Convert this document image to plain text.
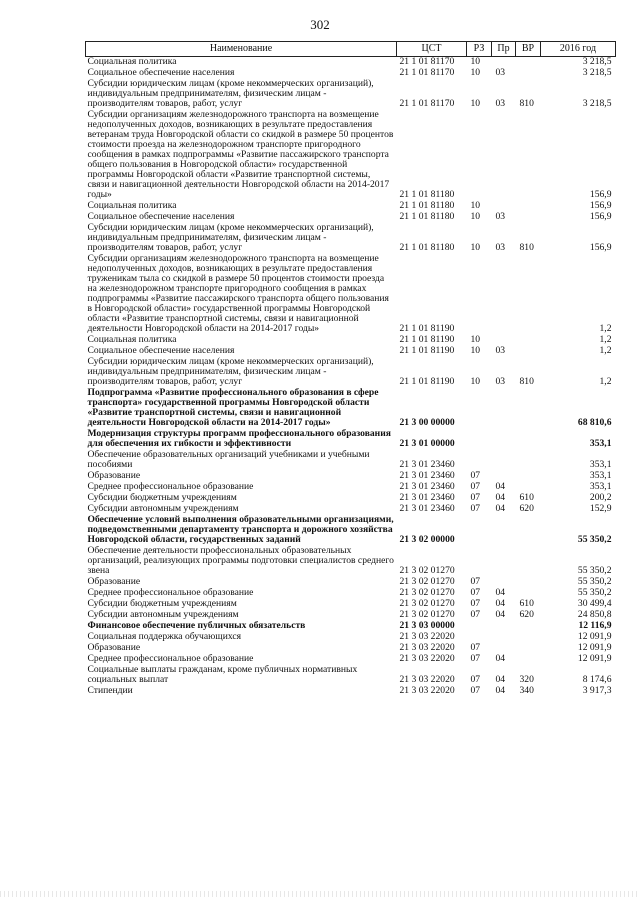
302
Наименование	ЦСТ	РЗ	Пр	ВР	2016 год
Социальная политика	21 1 01 81170	10			3 218,5
Социальное обеспечение населения	21 1 01 81170	10	03		3 218,5
Субсидии юридическим лицам (кроме некоммерческих организаций), индивидуальным предпринимателям, физическим лицам - производителям товаров, работ, услуг	21 1 01 81170	10	03	810	3 218,5
Субсидии организациям железнодорожного транспорта на возмещение недополученных доходов, возникающих в результате предоставления ветеранам труда Новгородской области со скидкой в размере 50 процентов стоимости проезда на железнодорожном транспорте пригородного сообщения в рамках подпрограммы «Развитие пассажирского транспорта общего пользования в Новгородской области» государственной программы Новгородской области «Развитие транспортной системы, связи и навигационной деятельности Новгородской области на 2014-2017 годы»	21 1 01 81180				156,9
Социальная политика	21 1 01 81180	10			156,9
Социальное обеспечение населения	21 1 01 81180	10	03		156,9
Субсидии юридическим лицам (кроме некоммерческих организаций), индивидуальным предпринимателям, физическим лицам - производителям товаров, работ, услуг	21 1 01 81180	10	03	810	156,9
Субсидии организациям железнодорожного транспорта на возмещение недополученных доходов, возникающих в результате предоставления труженикам тыла со скидкой в размере 50 процентов стоимости проезда на железнодорожном транспорте пригородного сообщения в рамках подпрограммы «Развитие пассажирского транспорта общего пользования в Новгородской области» государственной программы Новгородской области «Развитие транспортной системы, связи и навигационной деятельности Новгородской области на 2014-2017 годы»	21 1 01 81190				1,2
Социальная политика	21 1 01 81190	10			1,2
Социальное обеспечение населения	21 1 01 81190	10	03		1,2
Субсидии юридическим лицам (кроме некоммерческих организаций), индивидуальным предпринимателям, физическим лицам - производителям товаров, работ, услуг	21 1 01 81190	10	03	810	1,2
Подпрограмма «Развитие профессионального образования в сфере транспорта» государственной программы Новгородской области «Развитие транспортной системы, связи и навигационной деятельности Новгородской области на 2014-2017 годы»	21 3 00 00000				68 810,6
Модернизация структуры программ профессионального образования для обеспечения их гибкости и эффективности	21 3 01 00000				353,1
Обеспечение образовательных организаций учебниками и учебными пособиями	21 3 01 23460				353,1
Образование	21 3 01 23460	07			353,1
Среднее профессиональное образование	21 3 01 23460	07	04		353,1
Субсидии бюджетным учреждениям	21 3 01 23460	07	04	610	200,2
Субсидии автономным учреждениям	21 3 01 23460	07	04	620	152,9
Обеспечение условий выполнения образовательными организациями, подведомственными департаменту транспорта и дорожного хозяйства Новгородской области, государственных заданий	21 3 02 00000				55 350,2
Обеспечение деятельности профессиональных образовательных организаций, реализующих программы подготовки специалистов среднего звена	21 3 02 01270				55 350,2
Образование	21 3 02 01270	07			55 350,2
Среднее профессиональное образование	21 3 02 01270	07	04		55 350,2
Субсидии бюджетным учреждениям	21 3 02 01270	07	04	610	30 499,4
Субсидии автономным учреждениям	21 3 02 01270	07	04	620	24 850,8
Финансовое обеспечение публичных обязательств	21 3 03 00000				12 116,9
Социальная поддержка обучающихся	21 3 03 22020				12 091,9
Образование	21 3 03 22020	07			12 091,9
Среднее профессиональное образование	21 3 03 22020	07	04		12 091,9
Социальные выплаты гражданам, кроме публичных нормативных социальных выплат	21 3 03 22020	07	04	320	8 174,6
Стипендии	21 3 03 22020	07	04	340	3 917,3
